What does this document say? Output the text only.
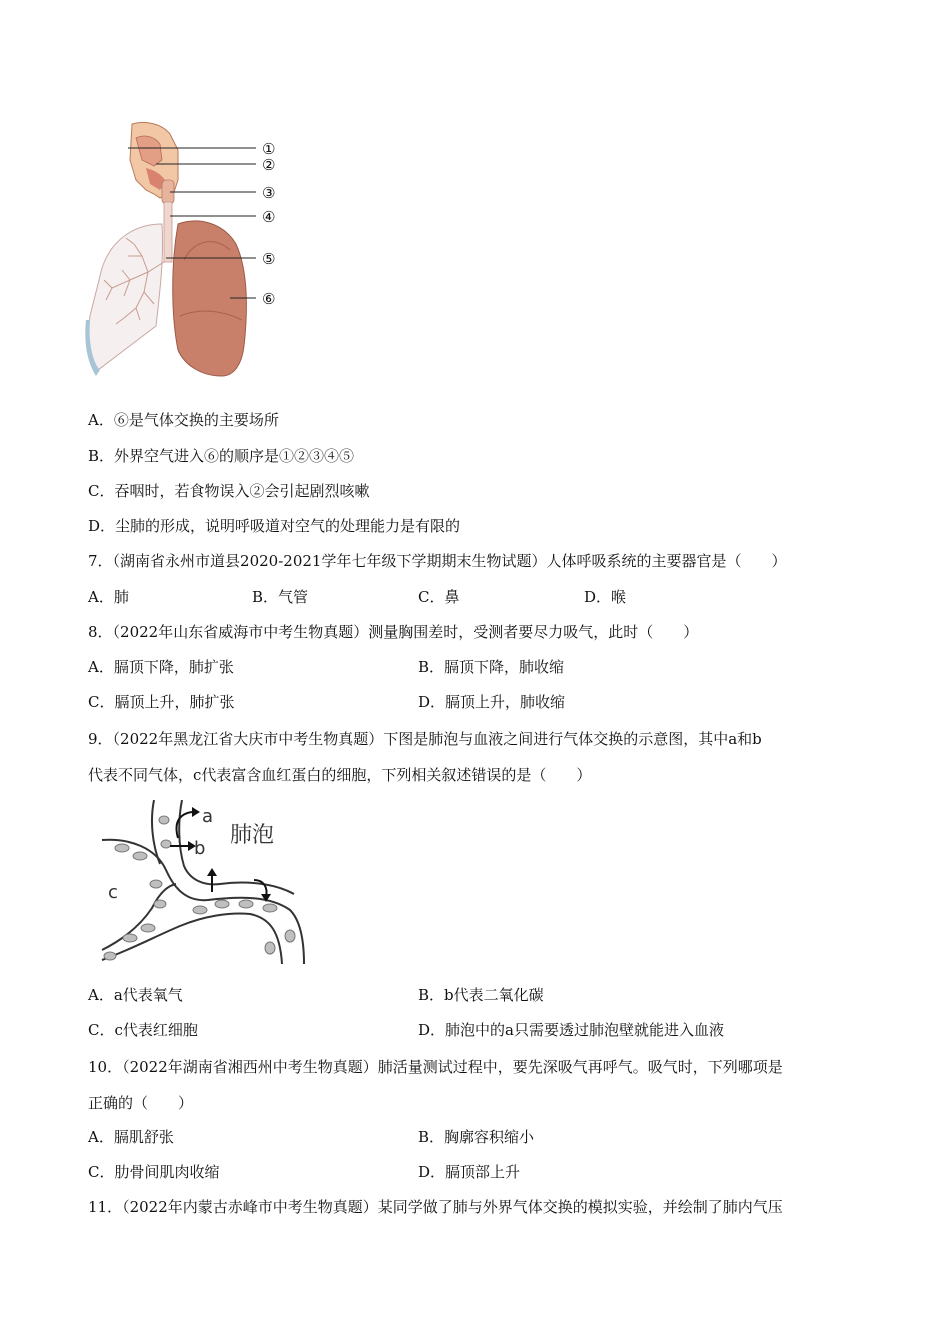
①
②
③
④
⑤
⑥
A．⑥是气体交换的主要场所
B．外界空气进入⑥的顺序是①②③④⑤
C．吞咽时，若食物误入②会引起剧烈咳嗽
D．尘肺的形成，说明呼吸道对空气的处理能力是有限的
7．（湖南省永州市道县2020-2021学年七年级下学期期末生物试题）人体呼吸系统的主要器官是（　　）
A．肺	B．气管	C．鼻	D．喉
8．（2022年山东省威海市中考生物真题）测量胸围差时，受测者要尽力吸气，此时（　　）
A．膈顶下降，肺扩张	B．膈顶下降，肺收缩
C．膈顶上升，肺扩张	D．膈顶上升，肺收缩
9．（2022年黑龙江省大庆市中考生物真题）下图是肺泡与血液之间进行气体交换的示意图，其中a和b
代表不同气体，c代表富含血红蛋白的细胞，下列相关叙述错误的是（　　）
a
b
c
肺泡
A．a代表氧气	B．b代表二氧化碳
C．c代表红细胞	D．肺泡中的a只需要透过肺泡壁就能进入血液
10．（2022年湖南省湘西州中考生物真题）肺活量测试过程中，要先深吸气再呼气。吸气时，下列哪项是
正确的（　　）
A．膈肌舒张	B．胸廓容积缩小
C．肋骨间肌肉收缩	D．膈顶部上升
11．（2022年内蒙古赤峰市中考生物真题）某同学做了肺与外界气体交换的模拟实验，并绘制了肺内气压
